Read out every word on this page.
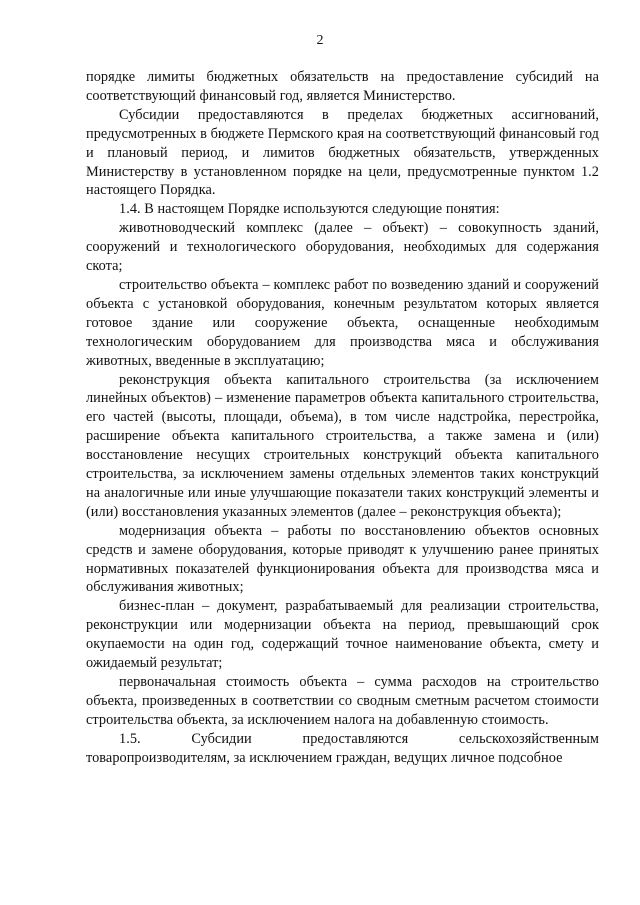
2

порядке лимиты бюджетных обязательств на предоставление субсидий на соответствующий финансовый год, является Министерство.

Субсидии предоставляются в пределах бюджетных ассигнований, предусмотренных в бюджете Пермского края на соответствующий финансовый год и плановый период, и лимитов бюджетных обязательств, утвержденных Министерству в установленном порядке на цели, предусмотренные пунктом 1.2 настоящего Порядка.

1.4. В настоящем Порядке используются следующие понятия:

животноводческий комплекс (далее – объект) – совокупность зданий, сооружений и технологического оборудования, необходимых для содержания скота;

строительство объекта – комплекс работ по возведению зданий и сооружений объекта с установкой оборудования, конечным результатом которых является готовое здание или сооружение объекта, оснащенные необходимым технологическим оборудованием для производства мяса и обслуживания животных, введенные в эксплуатацию;

реконструкция объекта капитального строительства (за исключением линейных объектов) – изменение параметров объекта капитального строительства, его частей (высоты, площади, объема), в том числе надстройка, перестройка, расширение объекта капитального строительства, а также замена и (или) восстановление несущих строительных конструкций объекта капитального строительства, за исключением замены отдельных элементов таких конструкций на аналогичные или иные улучшающие показатели таких конструкций элементы и (или) восстановления указанных элементов (далее – реконструкция объекта);

модернизация объекта – работы по восстановлению объектов основных средств и замене оборудования, которые приводят к улучшению ранее принятых нормативных показателей функционирования объекта для производства мяса и обслуживания животных;

бизнес-план – документ, разрабатываемый для реализации строительства, реконструкции или модернизации объекта на период, превышающий срок окупаемости на один год, содержащий точное наименование объекта, смету и ожидаемый результат;

первоначальная стоимость объекта – сумма расходов на строительство объекта, произведенных в соответствии со сводным сметным расчетом стоимости строительства объекта, за исключением налога на добавленную стоимость.

1.5. Субсидии предоставляются сельскохозяйственным товаропроизводителям, за исключением граждан, ведущих личное подсобное
